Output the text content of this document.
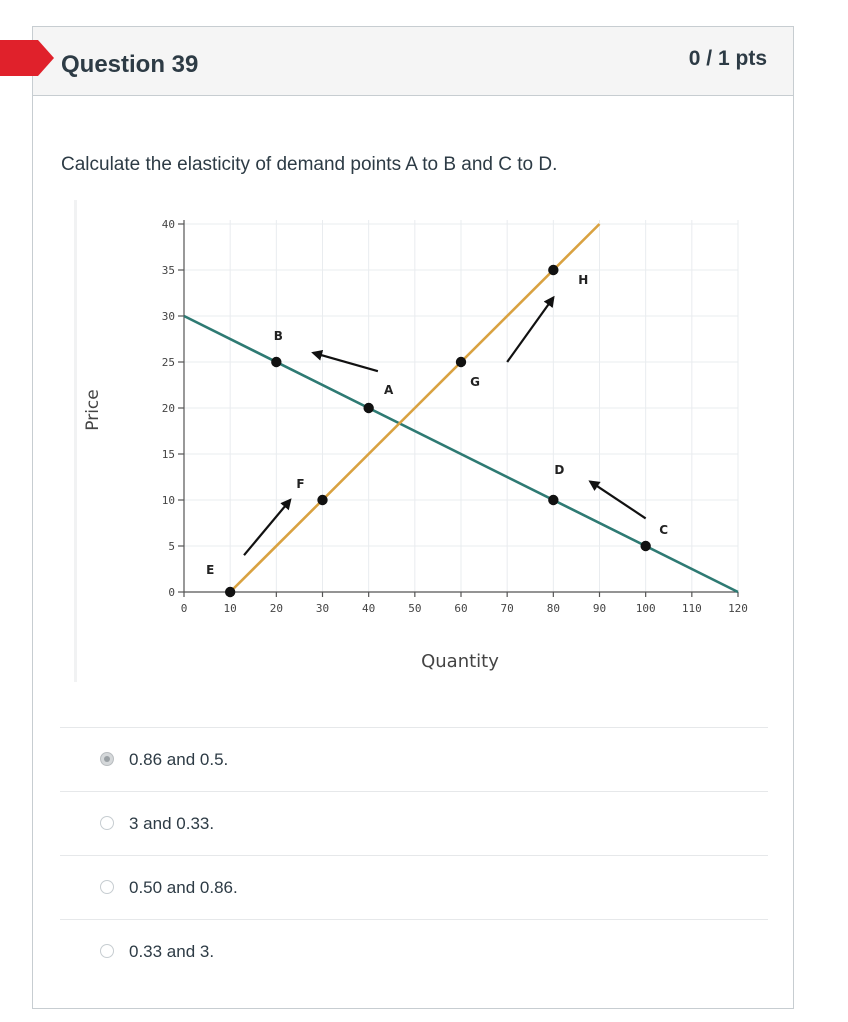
Question 39	0 / 1 pts
Calculate the elasticity of demand points A to B and C to D.
0
5
10
15
20
25
30
35
40
0	10	20	30	40	50	60	70	80	90	100 110 120
Quantity
Price
E
F
G
H
B
A
D
C
0.86 and 0.5.
3 and 0.33.
0.50 and 0.86.
0.33 and 3.
